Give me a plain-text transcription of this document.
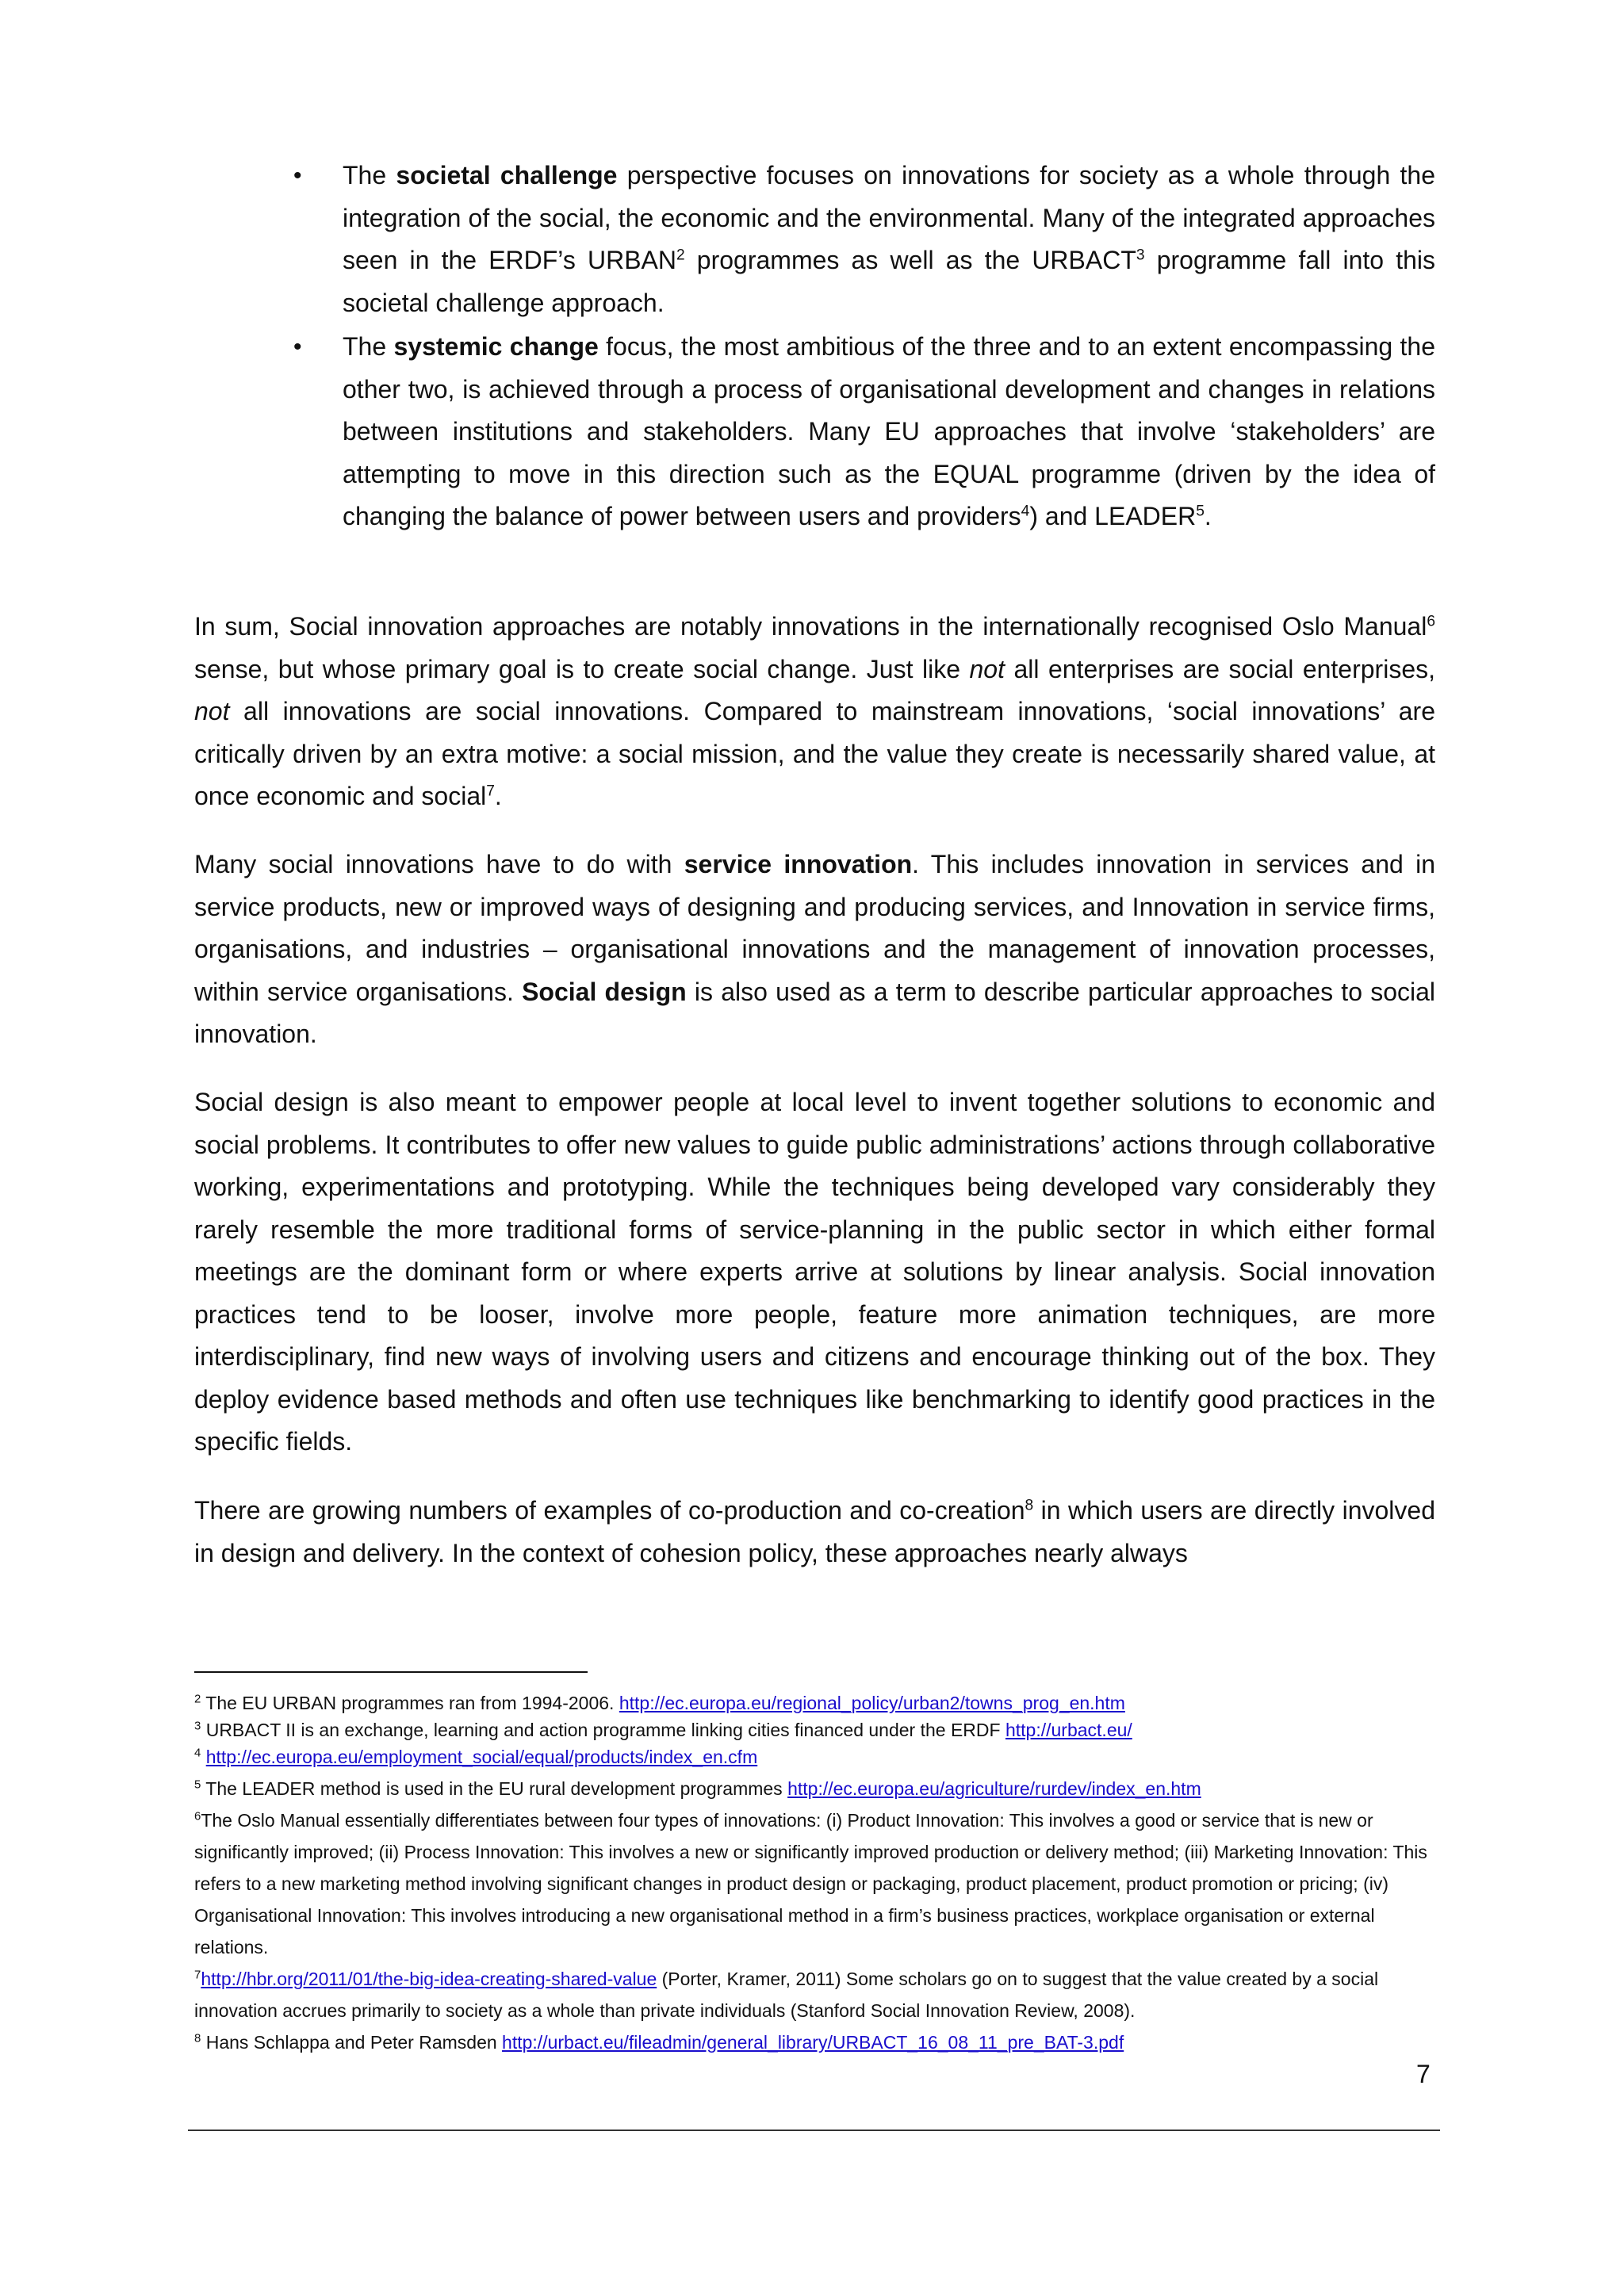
• The societal challenge perspective focuses on innovations for society as a whole through the integration of the social, the economic and the environmental. Many of the integrated approaches seen in the ERDF’s URBAN$^2$ programmes as well as the URBACT$^3$ programme fall into this societal challenge approach.
• The systemic change focus, the most ambitious of the three and to an extent encompassing the other two, is achieved through a process of organisational development and changes in relations between institutions and stakeholders. Many EU approaches that involve ‘stakeholders’ are attempting to move in this direction such as the EQUAL programme (driven by the idea of changing the balance of power between users and providers$^4$) and LEADER$^5$.

In sum, Social innovation approaches are notably innovations in the internationally recognised Oslo Manual$^6$ sense, but whose primary goal is to create social change. Just like not all enterprises are social enterprises, not all innovations are social innovations. Compared to mainstream innovations, ‘social innovations’ are critically driven by an extra motive: a social mission, and the value they create is necessarily shared value, at once economic and social$^7$.

Many social innovations have to do with service innovation. This includes innovation in services and in service products, new or improved ways of designing and producing services, and Innovation in service firms, organisations, and industries – organisational innovations and the management of innovation processes, within service organisations. Social design is also used as a term to describe particular approaches to social innovation.

Social design is also meant to empower people at local level to invent together solutions to economic and social problems. It contributes to offer new values to guide public administrations’ actions through collaborative working, experimentations and prototyping. While the techniques being developed vary considerably they rarely resemble the more traditional forms of service-planning in the public sector in which either formal meetings are the dominant form or where experts arrive at solutions by linear analysis. Social innovation practices tend to be looser, involve more people, feature more animation techniques, are more interdisciplinary, find new ways of involving users and citizens and encourage thinking out of the box. They deploy evidence based methods and often use techniques like benchmarking to identify good practices in the specific fields.

There are growing numbers of examples of co-production and co-creation$^8$ in which users are directly involved in design and delivery. In the context of cohesion policy, these approaches nearly always

$^2$ The EU URBAN programmes ran from 1994-2006. http://ec.europa.eu/regional_policy/urban2/towns_prog_en.htm
$^3$ URBACT II is an exchange, learning and action programme linking cities financed under the ERDF http://urbact.eu/
$^4$ http://ec.europa.eu/employment_social/equal/products/index_en.cfm
$^5$ The LEADER method is used in the EU rural development programmes http://ec.europa.eu/agriculture/rurdev/index_en.htm
$^6$The Oslo Manual essentially differentiates between four types of innovations: (i) Product Innovation: This involves a good or service that is new or significantly improved; (ii) Process Innovation: This involves a new or significantly improved production or delivery method; (iii) Marketing Innovation: This refers to a new marketing method involving significant changes in product design or packaging, product placement, product promotion or pricing; (iv) Organisational Innovation: This involves introducing a new organisational method in a firm’s business practices, workplace organisation or external relations.
$^7$http://hbr.org/2011/01/the-big-idea-creating-shared-value (Porter, Kramer, 2011) Some scholars go on to suggest that the value created by a social innovation accrues primarily to society as a whole than private individuals (Stanford Social Innovation Review, 2008).
$^8$ Hans Schlappa and Peter Ramsden http://urbact.eu/fileadmin/general_library/URBACT_16_08_11_pre_BAT-3.pdf
7
